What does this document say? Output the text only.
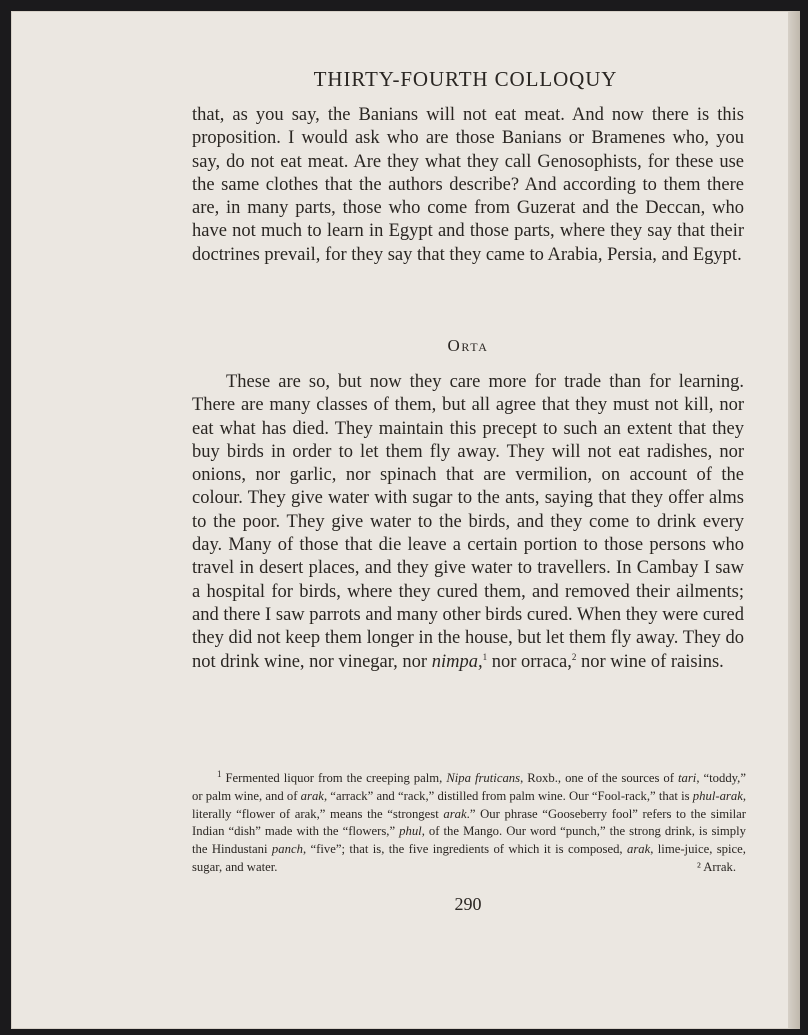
THIRTY-FOURTH COLLOQUY

that, as you say, the Banians will not eat meat. And now there is this proposition. I would ask who are those Banians or Bramenes who, you say, do not eat meat. Are they what they call Genosophists, for these use the same clothes that the authors describe? And according to them there are, in many parts, those who come from Guzerat and the Deccan, who have not much to learn in Egypt and those parts, where they say that their doctrines prevail, for they say that they came to Arabia, Persia, and Egypt.

Orta

These are so, but now they care more for trade than for learning. There are many classes of them, but all agree that they must not kill, nor eat what has died. They maintain this precept to such an extent that they buy birds in order to let them fly away. They will not eat radishes, nor onions, nor garlic, nor spinach that are vermilion, on account of the colour. They give water with sugar to the ants, saying that they offer alms to the poor. They give water to the birds, and they come to drink every day. Many of those that die leave a certain portion to those persons who travel in desert places, and they give water to travellers. In Cambay I saw a hospital for birds, where they cured them, and removed their ailments; and there I saw parrots and many other birds cured. When they were cured they did not keep them longer in the house, but let them fly away. They do not drink wine, nor vinegar, nor nimpa,$^1$ nor orraca,$^2$ nor wine of raisins.

$^1$ Fermented liquor from the creeping palm, Nipa fruticans, Roxb., one of the sources of tari, “toddy,” or palm wine, and of arak, “arrack” and “rack,” distilled from palm wine. Our “Fool-rack,” that is phul-arak, literally “flower of arak,” means the “strongest arak.” Our phrase “Gooseberry fool” refers to the similar Indian “dish” made with the “flowers,” phul, of the Mango. Our word “punch,” the strong drink, is simply the Hindustani panch, “five”; that is, the five ingredients of which it is composed, arak, lime-juice, spice, sugar, and water.	² Arrak.

290
